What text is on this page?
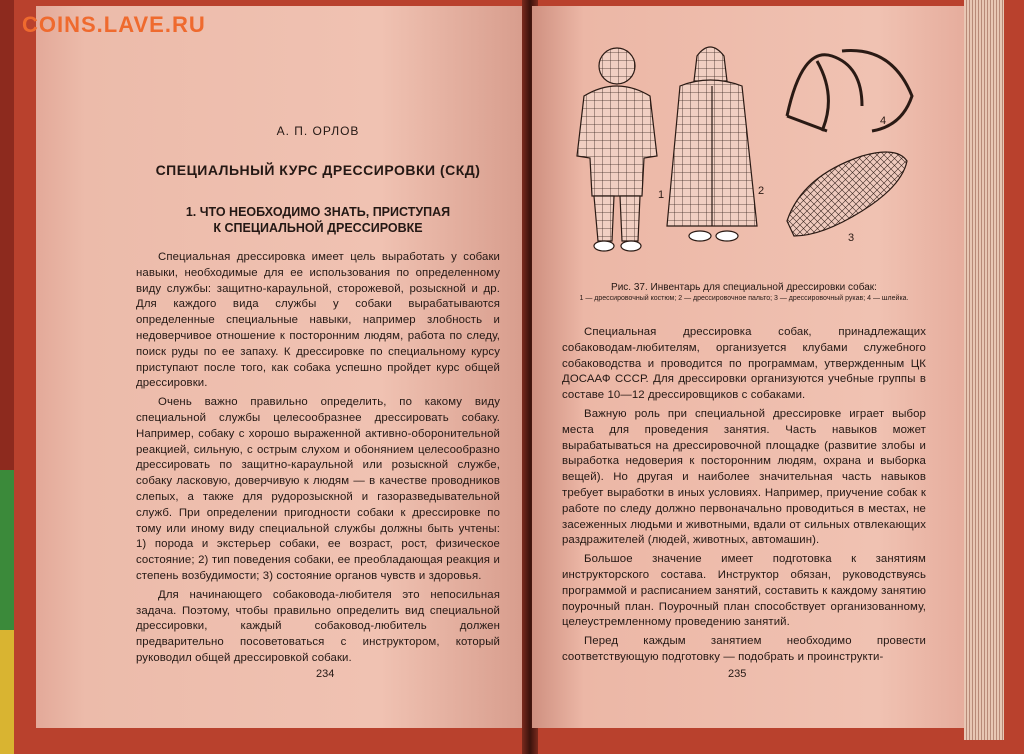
COINS.LAVE.RU
А. П. ОРЛОВ
СПЕЦИАЛЬНЫЙ КУРС ДРЕССИРОВКИ (СКД)
1. ЧТО НЕОБХОДИМО ЗНАТЬ, ПРИСТУПАЯ
К СПЕЦИАЛЬНОЙ ДРЕССИРОВКЕ

Специальная дрессировка имеет цель выработать у собаки навыки, необходимые для ее использования по определенному виду службы: защитно-караульной, сторожевой, розыскной и др. Для каждого вида службы у собаки вырабатываются определенные специальные навыки, например злобность и недоверчивое отношение к посторонним людям, работа по следу, поиск руды по ее запаху. К дрессировке по специальному курсу приступают после того, как собака успешно пройдет курс общей дрессировки.

Очень важно правильно определить, по какому виду специальной службы целесообразнее дрессировать собаку. Например, собаку с хорошо выраженной активно-оборонительной реакцией, сильную, с острым слухом и обонянием целесообразно дрессировать по защитно-караульной или розыскной службе, собаку ласковую, доверчивую к людям — в качестве проводников слепых, а также для рудорозыскной и газоразведывательной служб. При определении пригодности собаки к дрессировке по тому или иному виду специальной службы должны быть учтены: 1) порода и экстерьер собаки, ее возраст, рост, физическое состояние; 2) тип поведения собаки, ее преобладающая реакция и степень возбудимости; 3) состояние органов чувств и здоровья.

Для начинающего собаковода-любителя это непосильная задача. Поэтому, чтобы правильно определить вид специальной дрессировки, каждый собаковод-любитель должен предварительно посоветоваться с инструктором, который руководил общей дрессировкой собаки.

234
1	2
3
4
Рис. 37. Инвентарь для специальной дрессировки собак:
1 — дрессировочный костюм; 2 — дрессировочное пальто; 3 — дрессировочный рукав; 4 — шлейка.

Специальная дрессировка собак, принадлежащих собаководам-любителям, организуется клубами служебного собаководства и проводится по программам, утвержденным ЦК ДОСААФ СССР. Для дрессировки организуются учебные группы в составе 10—12 дрессировщиков с собаками.

Важную роль при специальной дрессировке играет выбор места для проведения занятия. Часть навыков может вырабатываться на дрессировочной площадке (развитие злобы и выработка недоверия к посторонним людям, охрана и выборка вещей). Но другая и наиболее значительная часть навыков требует выработки в иных условиях. Например, приучение собак к работе по следу должно первоначально проводиться в местах, не засеженных людьми и животными, вдали от сильных отвлекающих раздражителей (людей, животных, автомашин).

Большое значение имеет подготовка к занятиям инструкторского состава. Инструктор обязан, руководствуясь программой и расписанием занятий, составить к каждому занятию поурочный план. Поурочный план способствует организованному, целеустремленному проведению занятий.

Перед каждым занятием необходимо провести соответствующую подготовку — подобрать и проинструкти-

235
